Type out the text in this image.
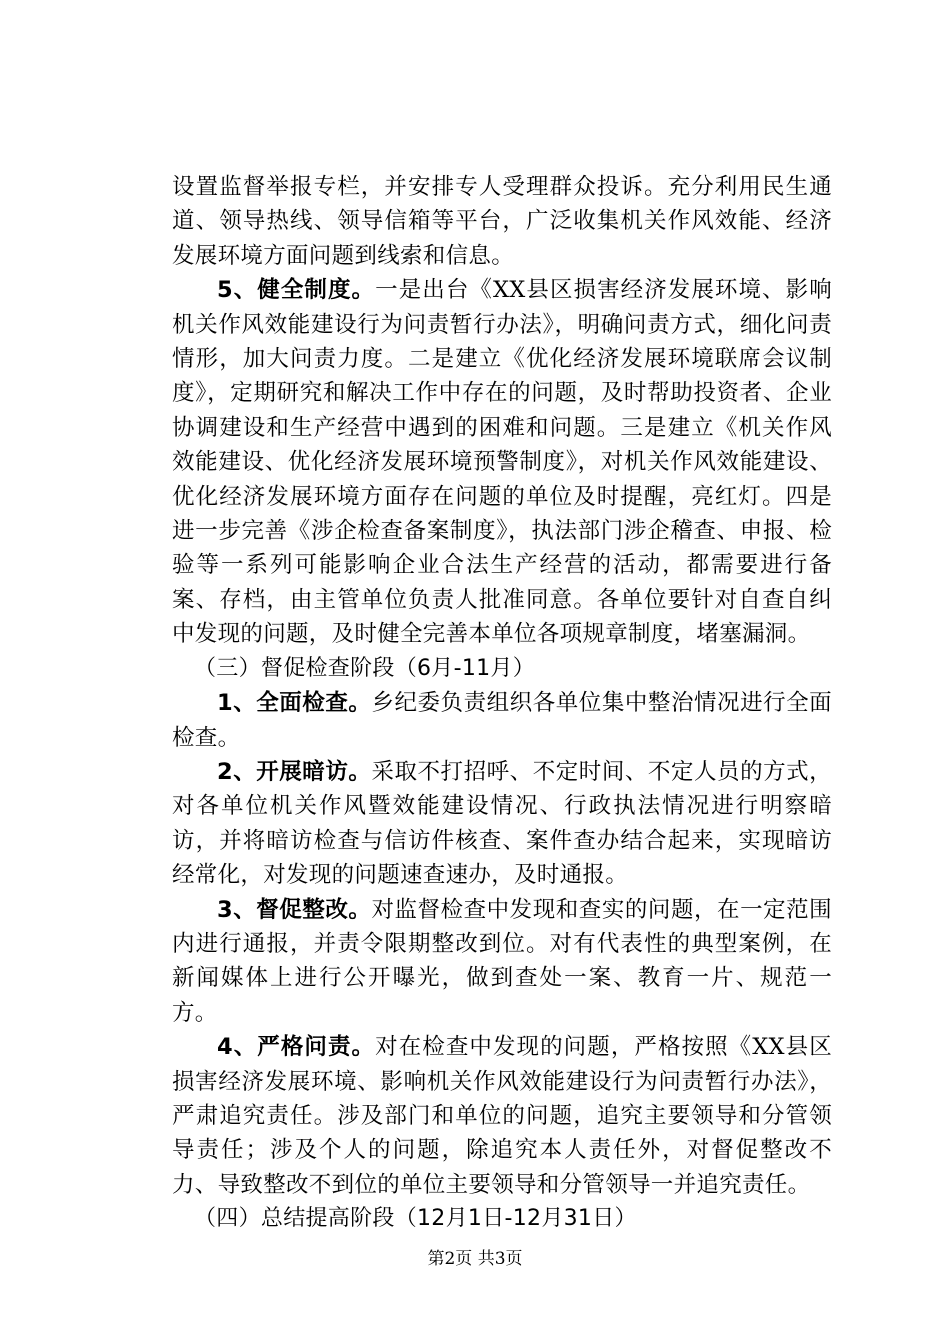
设置监督举报专栏，并安排专人受理群众投诉。充分利用民生通道、领导热线、领导信箱等平台，广泛收集机关作风效能、经济发展环境方面问题到线索和信息。

5、健全制度。一是出台《XX县区损害经济发展环境、影响机关作风效能建设行为问责暂行办法》，明确问责方式，细化问责情形，加大问责力度。二是建立《优化经济发展环境联席会议制度》，定期研究和解决工作中存在的问题，及时帮助投资者、企业协调建设和生产经营中遇到的困难和问题。三是建立《机关作风效能建设、优化经济发展环境预警制度》，对机关作风效能建设、优化经济发展环境方面存在问题的单位及时提醒，亮红灯。四是进一步完善《涉企检查备案制度》，执法部门涉企稽查、申报、检验等一系列可能影响企业合法生产经营的活动，都需要进行备案、存档，由主管单位负责人批准同意。各单位要针对自查自纠中发现的问题，及时健全完善本单位各项规章制度，堵塞漏洞。

（三）督促检查阶段（6月-11月）

1、全面检查。乡纪委负责组织各单位集中整治情况进行全面检查。

2、开展暗访。采取不打招呼、不定时间、不定人员的方式，对各单位机关作风暨效能建设情况、行政执法情况进行明察暗访，并将暗访检查与信访件核查、案件查办结合起来，实现暗访经常化，对发现的问题速查速办，及时通报。

3、督促整改。对监督检查中发现和查实的问题，在一定范围内进行通报，并责令限期整改到位。对有代表性的典型案例，在新闻媒体上进行公开曝光，做到查处一案、教育一片、规范一方。

4、严格问责。对在检查中发现的问题，严格按照《XX县区损害经济发展环境、影响机关作风效能建设行为问责暂行办法》，严肃追究责任。涉及部门和单位的问题，追究主要领导和分管领导责任；涉及个人的问题，除追究本人责任外，对督促整改不力、导致整改不到位的单位主要领导和分管领导一并追究责任。

（四）总结提高阶段（12月1日-12月31日）

第2页 共3页
